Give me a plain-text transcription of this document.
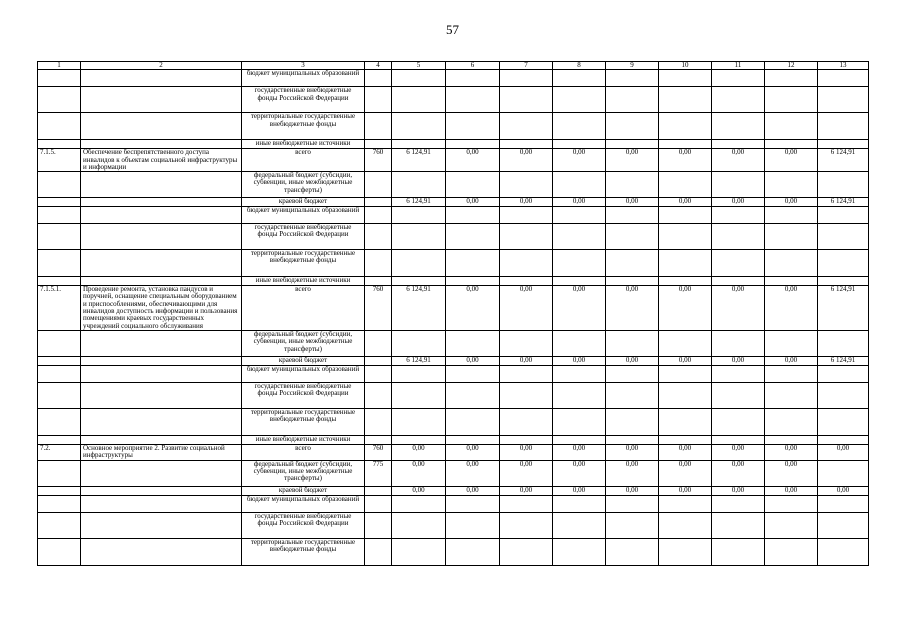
57
1	2	3	4	5	6	7	8	9	10	11	12	13
		бюджет муниципальных образований										
		государственные внебюджетные фонды Российской Федерации										
		территориальные государственные внебюджетные фонды										
		иные внебюджетные источники										
7.1.5.	Обеспечение беспрепятственного доступа инвалидов к объектам социальной инфраструктуры и информации	всего	760	6 124,91	0,00	0,00	0,00	0,00	0,00	0,00	0,00	6 124,91
		федеральный бюджет (субсидии, субвенции, иные межбюджетные трансферты)										
		краевой бюджет		6 124,91	0,00	0,00	0,00	0,00	0,00	0,00	0,00	6 124,91
		бюджет муниципальных образований										
		государственные внебюджетные фонды Российской Федерации										
		территориальные государственные внебюджетные фонды										
		иные внебюджетные источники										
7.1.5.1.	Проведение ремонта, установка пандусов и поручней, оснащение специальным оборудованием и приспособлениями, обеспечивающими для инвалидов доступность информации и пользования помещениями краевых государственных учреждений социального обслуживания	всего	760	6 124,91	0,00	0,00	0,00	0,00	0,00	0,00	0,00	6 124,91
		федеральный бюджет (субсидии, субвенции, иные межбюджетные трансферты)										
		краевой бюджет		6 124,91	0,00	0,00	0,00	0,00	0,00	0,00	0,00	6 124,91
		бюджет муниципальных образований										
		государственные внебюджетные фонды Российской Федерации										
		территориальные государственные внебюджетные фонды										
		иные внебюджетные источники										
7.2.	Основное мероприятие 2. Развитие социальной инфраструктуры	всего	760	0,00	0,00	0,00	0,00	0,00	0,00	0,00	0,00	0,00
		федеральный бюджет (субсидии, субвенции, иные межбюджетные трансферты)	775	0,00	0,00	0,00	0,00	0,00	0,00	0,00	0,00	
		краевой бюджет		0,00	0,00	0,00	0,00	0,00	0,00	0,00	0,00	0,00
		бюджет муниципальных образований										
		государственные внебюджетные фонды Российской Федерации										
		территориальные государственные внебюджетные фонды										
